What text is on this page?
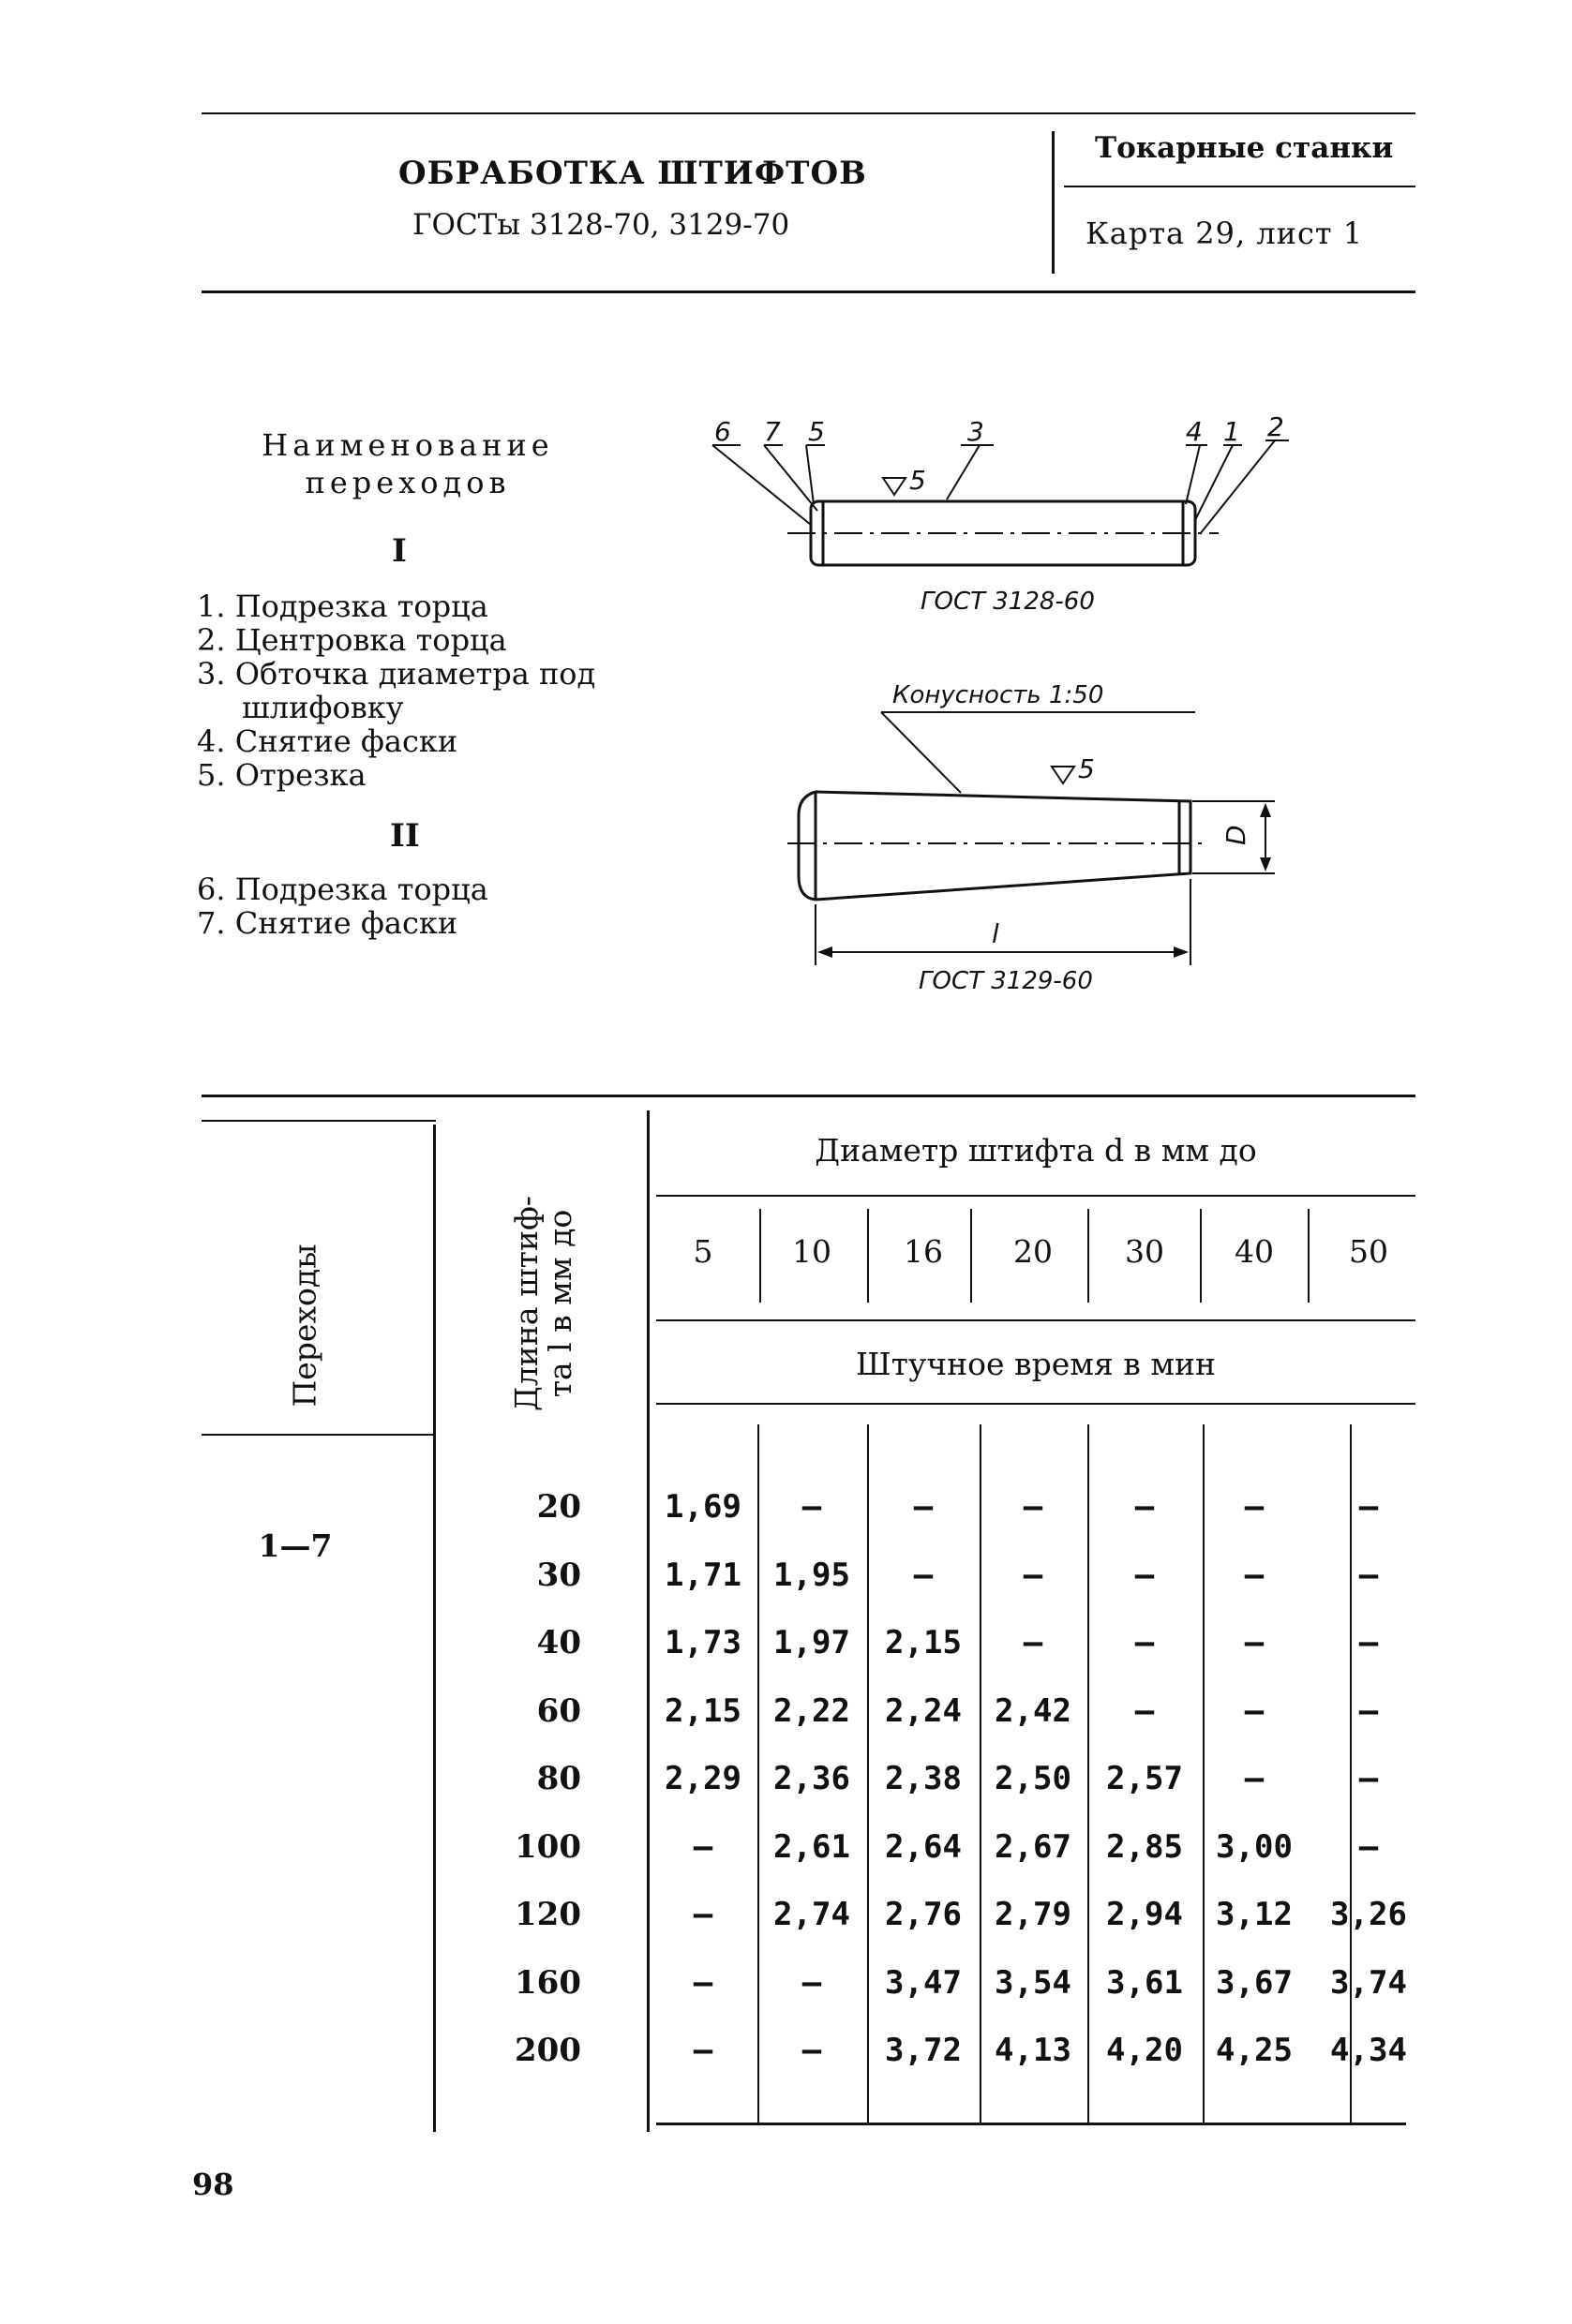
ОБРАБОТКА ШТИФТОВ
ГОСТы 3128-70, 3129-70
Токарные станки
Карта 29, лист 1
Наименование
переходов
I
1. Подрезка торца
2. Центровка торца
3. Обточка диаметра под
шлифовку
4. Снятие фаски
5. Отрезка
II
6. Подрезка торца
7. Снятие фаски
6 7 5	3	4 1 2
5
ГОСТ 3128-60
Конусность 1:50
5
D
l
ГОСТ 3129-60
Переходы	Длина штиф-
та l в мм до
Диаметр штифта d в мм до
Штучное время в мин
5	10	16	20	30	40	50
1—7
20	1,69	—	—	—	—	—	—
30	1,71	1,95	—	—	—	—	—
40	1,73	1,97	2,15	—	—	—	—
60	2,15	2,22	2,24	2,42	—	—	—
80	2,29	2,36	2,38	2,50	2,57	—	—
100	—	2,61	2,64	2,67	2,85	3,00	—
120	—	2,74	2,76	2,79	2,94	3,12	3,26
160	—	—	3,47	3,54	3,61	3,67	3,74
200	—	—	3,72	4,13	4,20	4,25	4,34
98
